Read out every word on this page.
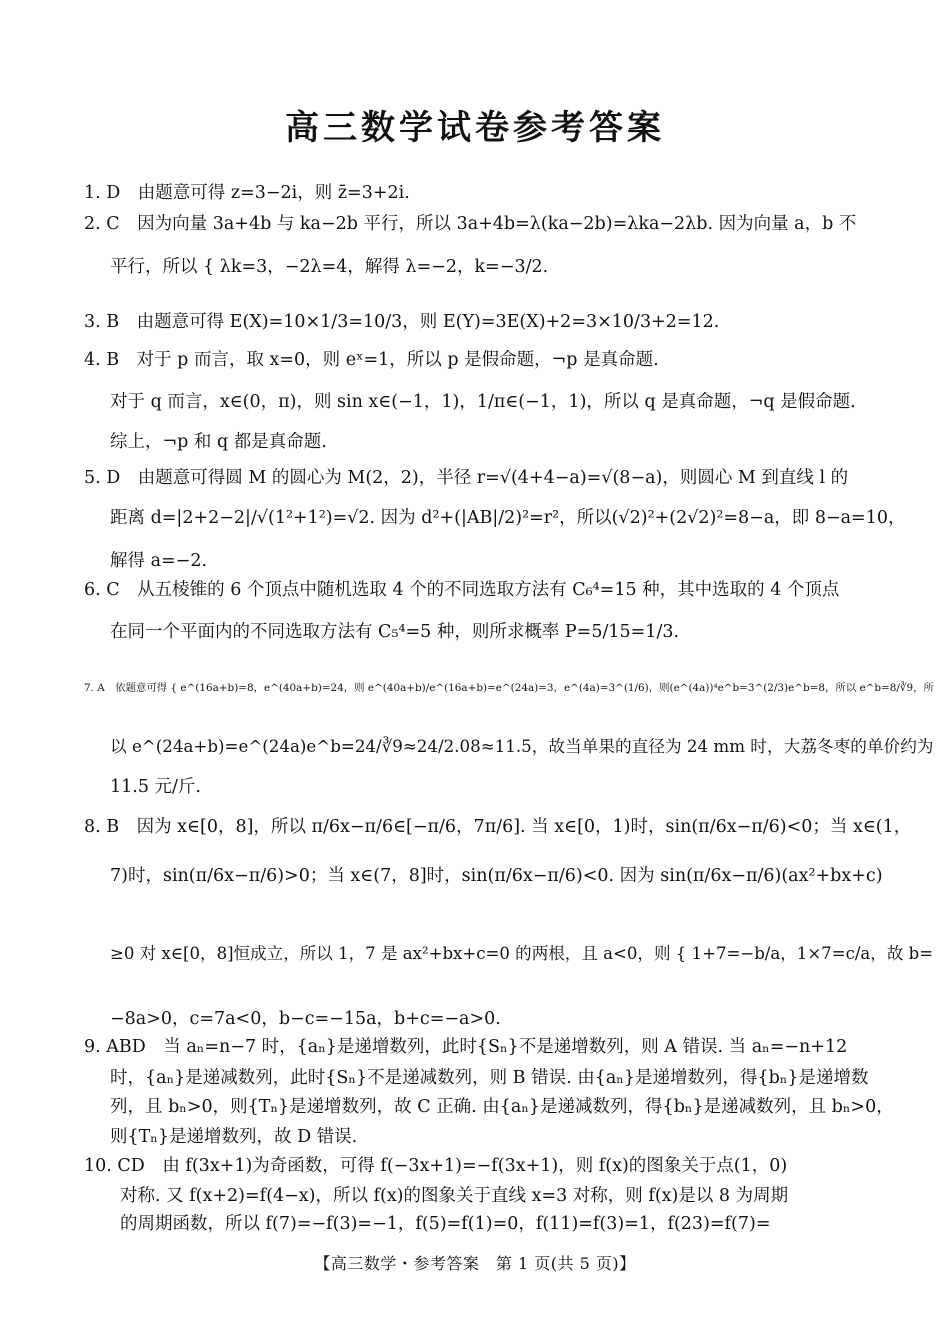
高三数学试卷参考答案
1. D　由题意可得 z=3−2i，则 z̄=3+2i.
2. C　因为向量 3a+4b 与 ka−2b 平行，所以 3a+4b=λ(ka−2b)=λka−2λb. 因为向量 a，b 不
平行，所以 { λk=3，−2λ=4，解得 λ=−2，k=−3/2.
3. B　由题意可得 E(X)=10×1/3=10/3，则 E(Y)=3E(X)+2=3×10/3+2=12.
4. B　对于 p 而言，取 x=0，则 eˣ=1，所以 p 是假命题，¬p 是真命题.
对于 q 而言，x∈(0，π)，则 sin x∈(−1，1)，1/π∈(−1，1)，所以 q 是真命题，¬q 是假命题.
综上，¬p 和 q 都是真命题.
5. D　由题意可得圆 M 的圆心为 M(2，2)，半径 r=√(4+4−a)=√(8−a)，则圆心 M 到直线 l 的
距离 d=|2+2−2|/√(1²+1²)=√2. 因为 d²+(|AB|/2)²=r²，所以(√2)²+(2√2)²=8−a，即 8−a=10，
解得 a=−2.
6. C　从五棱锥的 6 个顶点中随机选取 4 个的不同选取方法有 C₆⁴=15 种，其中选取的 4 个顶点
在同一个平面内的不同选取方法有 C₅⁴=5 种，则所求概率 P=5/15=1/3.
7. A　依题意可得 { e^(16a+b)=8，e^(40a+b)=24，则 e^(40a+b)/e^(16a+b)=e^(24a)=3，e^(4a)=3^(1/6)，则(e^(4a))⁴e^b=3^(2/3)e^b=8，所以 e^b=8/∛9，所
以 e^(24a+b)=e^(24a)e^b=24/∛9≈24/2.08≈11.5，故当单果的直径为 24 mm 时，大荔冬枣的单价约为
11.5 元/斤.
8. B　因为 x∈[0，8]，所以 π/6x−π/6∈[−π/6，7π/6]. 当 x∈[0，1)时，sin(π/6x−π/6)<0；当 x∈(1，
7)时，sin(π/6x−π/6)>0；当 x∈(7，8]时，sin(π/6x−π/6)<0. 因为 sin(π/6x−π/6)(ax²+bx+c)
≥0 对 x∈[0，8]恒成立，所以 1，7 是 ax²+bx+c=0 的两根，且 a<0，则 { 1+7=−b/a，1×7=c/a，故 b=
−8a>0，c=7a<0，b−c=−15a，b+c=−a>0.
9. ABD　当 aₙ=n−7 时，{aₙ}是递增数列，此时{Sₙ}不是递增数列，则 A 错误. 当 aₙ=−n+12
时，{aₙ}是递减数列，此时{Sₙ}不是递减数列，则 B 错误. 由{aₙ}是递增数列，得{bₙ}是递增数
列，且 bₙ>0，则{Tₙ}是递增数列，故 C 正确. 由{aₙ}是递减数列，得{bₙ}是递减数列，且 bₙ>0，
则{Tₙ}是递增数列，故 D 错误.
10. CD　由 f(3x+1)为奇函数，可得 f(−3x+1)=−f(3x+1)，则 f(x)的图象关于点(1，0)
对称. 又 f(x+2)=f(4−x)，所以 f(x)的图象关于直线 x=3 对称，则 f(x)是以 8 为周期
的周期函数，所以 f(7)=−f(3)=−1，f(5)=f(1)=0，f(11)=f(3)=1，f(23)=f(7)=
【高三数学・参考答案　第 1 页(共 5 页)】
